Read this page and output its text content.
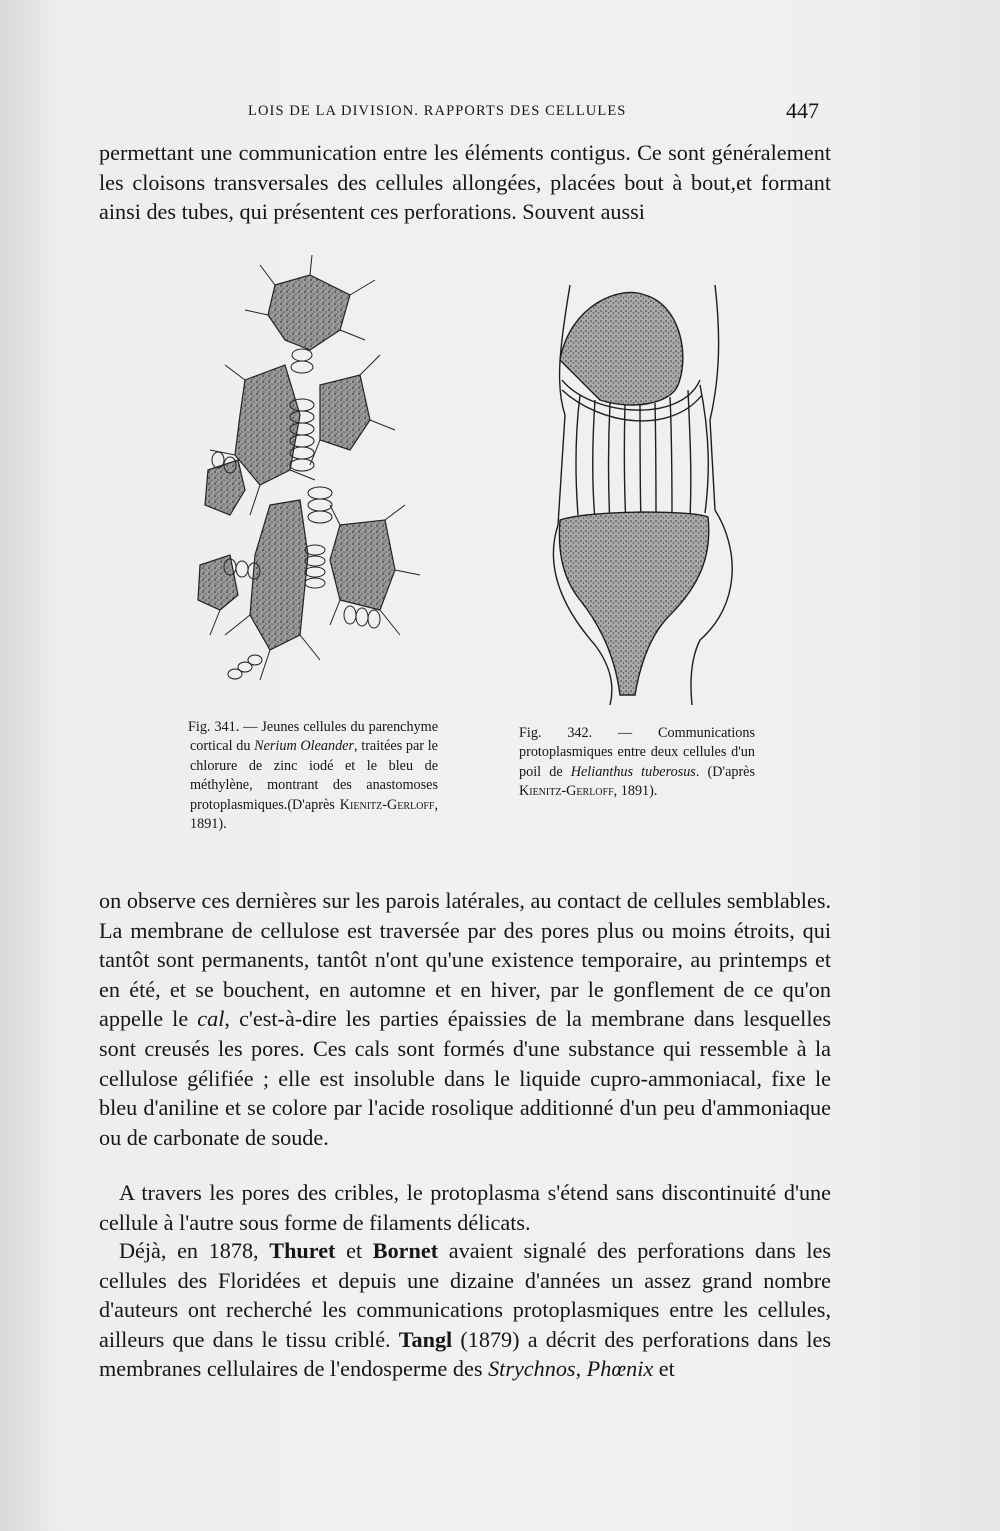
LOIS DE LA DIVISION. RAPPORTS DES CELLULES	447

permettant une communication entre les éléments contigus. Ce sont généralement les cloisons transversales des cellules allongées, placées bout à bout,et formant ainsi des tubes, qui présentent ces perforations. Souvent aussi

Fig. 341. — Jeunes cellules du parenchyme cortical du Nerium Oleander, traitées par le chlorure de zinc iodé et le bleu de méthylène, montrant des anastomoses protoplasmiques.(D'après Kienitz-Gerloff, 1891).

Fig. 342. — Communications protoplasmiques entre deux cellules d'un poil de Helianthus tuberosus. (D'après Kienitz-Gerloff, 1891).

on observe ces dernières sur les parois latérales, au contact de cellules semblables. La membrane de cellulose est traversée par des pores plus ou moins étroits, qui tantôt sont permanents, tantôt n'ont qu'une existence temporaire, au printemps et en été, et se bouchent, en automne et en hiver, par le gonflement de ce qu'on appelle le cal, c'est-à-dire les parties épaissies de la membrane dans lesquelles sont creusés les pores. Ces cals sont formés d'une substance qui ressemble à la cellulose gélifiée ; elle est insoluble dans le liquide cupro-ammoniacal, fixe le bleu d'aniline et se colore par l'acide rosolique additionné d'un peu d'ammoniaque ou de carbonate de soude.

A travers les pores des cribles, le protoplasma s'étend sans discontinuité d'une cellule à l'autre sous forme de filaments délicats.

Déjà, en 1878, Thuret et Bornet avaient signalé des perforations dans les cellules des Floridées et depuis une dizaine d'années un assez grand nombre d'auteurs ont recherché les communications protoplasmiques entre les cellules, ailleurs que dans le tissu criblé. Tangl (1879) a décrit des perforations dans les membranes cellulaires de l'endosperme des Strychnos, Phœnix et
